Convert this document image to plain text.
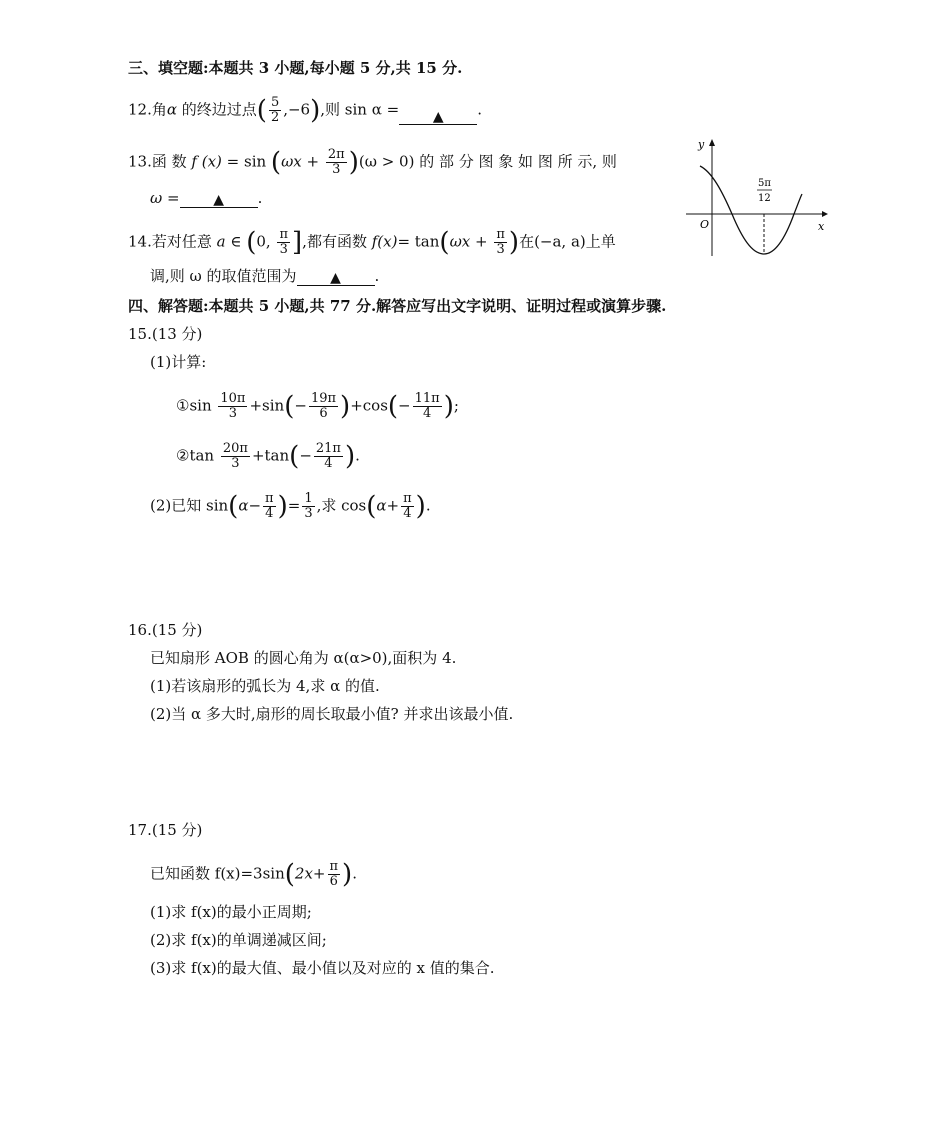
三、填空题:本题共 3 小题,每小题 5 分,共 15 分.
12.角α 的终边过点( $\frac{5}{2} ,-6$),则 sin α = ▲ .
13.函 数 f $(x) = \sin (\omega x + \frac{2\pi}{3} )(\omega > 0)$ 的 部 分 图 象 如 图 所 示, 则
ω = ▲ .
y
x
O
5π
12
14.若对任意 a ∈ (0, $\frac{\pi}{3}$ ],都有函数 $f(x)= \tan(\omega x + \frac{\pi}{3}$ )在(−a, a)上单
调,则 ω 的取值范围为 ▲ .
四、解答题:本题共 5 小题,共 77 分.解答应写出文字说明、证明过程或演算步骤.
15.(13 分)
(1)计算:
①sin $\frac{10\pi}{3} +\sin(- \frac{19\pi}{6} )+\cos(- \frac{11\pi}{4}$ );
②tan $\frac{20\pi}{3} +\tan(- \frac{21\pi}{4}$ ).
(2)已知 $\sin(\alpha- \frac{\pi}{4}$ )= $\frac{1}{3}$ ,求 $\cos(\alpha+ \frac{\pi}{4}$ ).
16.(15 分)
已知扇形 AOB 的圆心角为 α(α>0),面积为 4.
(1)若该扇形的弧长为 4,求 α 的值.
(2)当 α 多大时,扇形的周长取最小值? 并求出该最小值.
17.(15 分)
已知函数 $f(x)=3\sin(2x+ \frac{\pi}{6}$ ).
(1)求 f(x)的最小正周期;
(2)求 f(x)的单调递减区间;
(3)求 f(x)的最大值、最小值以及对应的 x 值的集合.
